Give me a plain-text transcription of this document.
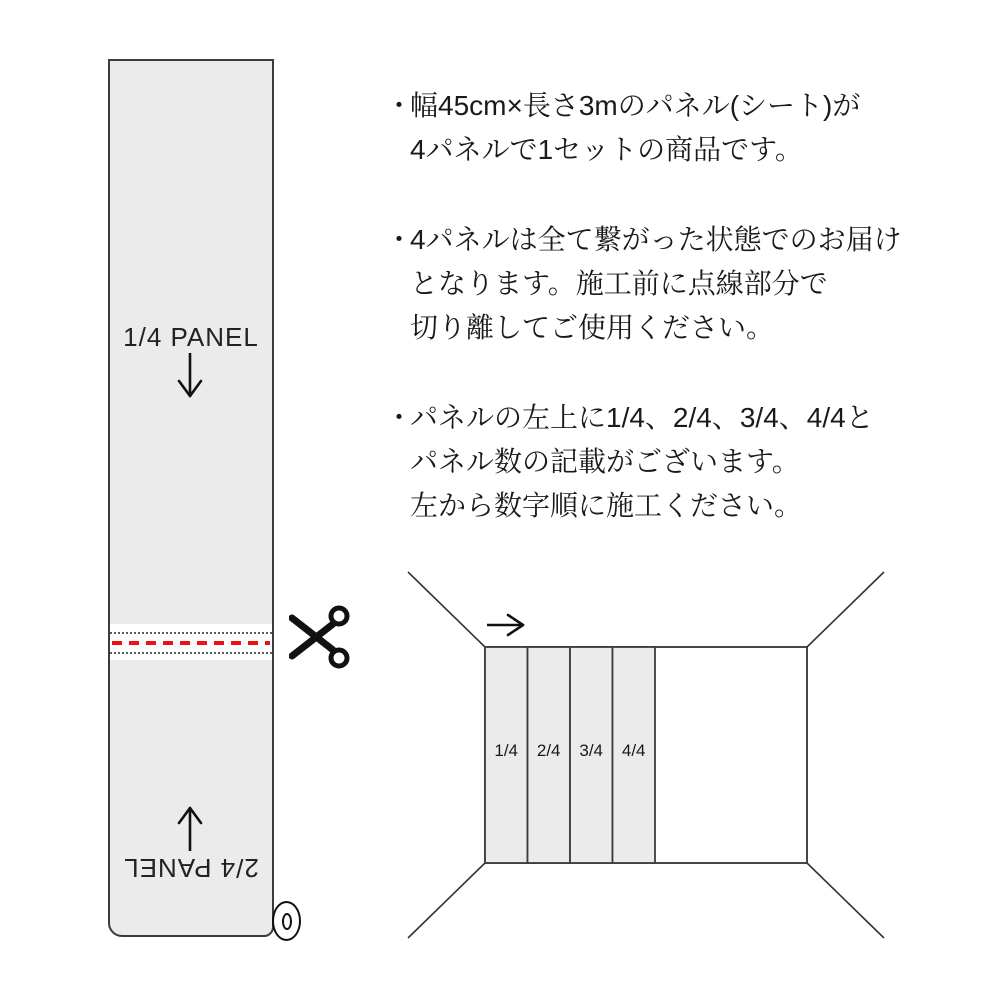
1/4 PANEL
2/4 PANEL
・
幅45cm×長さ3mのパネル(シート)が
4パネルで1セットの商品です。
・
4パネルは全て繋がった状態でのお届け
となります。施工前に点線部分で
切り離してご使用ください。
・
パネルの左上に1/4、2/4、3/4、4/4と
パネル数の記載がございます。
左から数字順に施工ください。
1/4 2/4 3/4 4/4
